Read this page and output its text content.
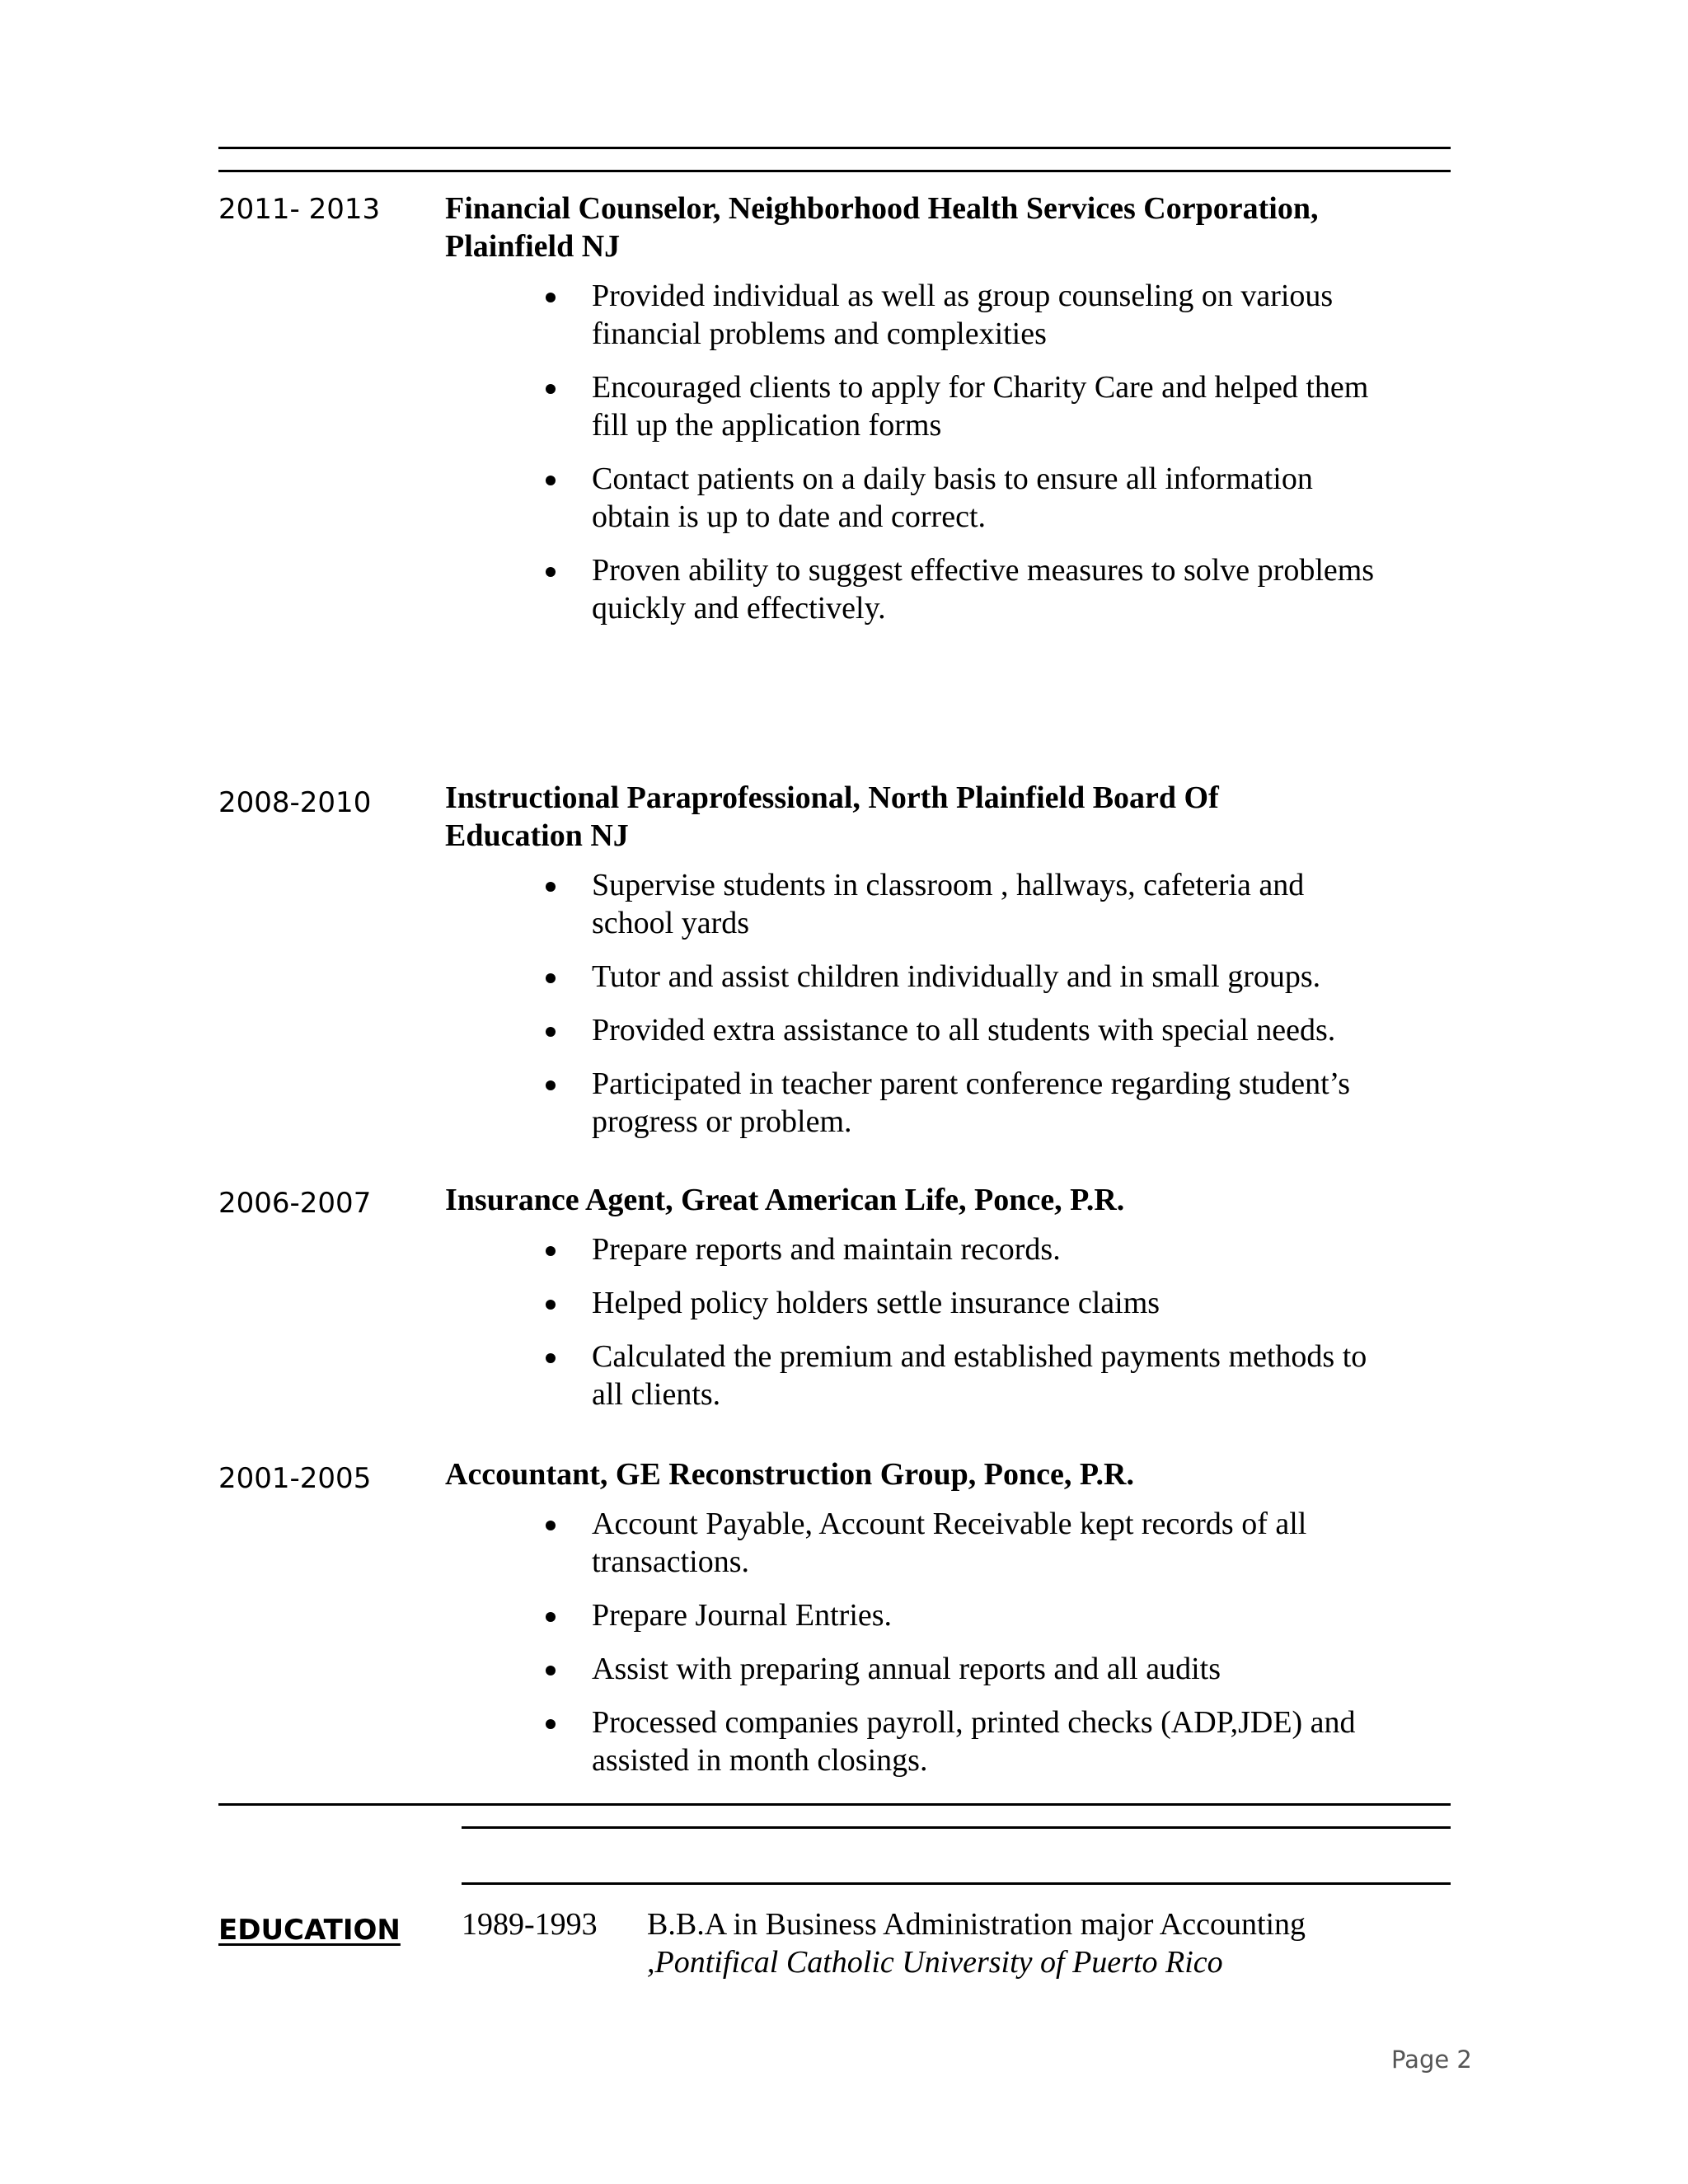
2011- 2013 Financial Counselor, Neighborhood Health Services Corporation, Plainfield NJ

Provided individual as well as group counseling on various financial problems and complexities
Encouraged clients to apply for Charity Care and helped them fill up the application forms
Contact patients on a daily basis to ensure all information obtain is up to date and correct.
Proven ability to suggest effective measures to solve problems quickly and effectively.
2008-2010 Instructional Paraprofessional, North Plainfield Board Of Education NJ

Supervise students in classroom , hallways, cafeteria and school yards
Tutor and assist children individually and in small groups.
Provided extra assistance to all students with special needs.
Participated in teacher parent conference regarding student’s progress or problem.
2006-2007 Insurance Agent, Great American Life, Ponce, P.R.

Prepare reports and maintain records.
Helped policy holders settle insurance claims
Calculated the premium and established payments methods to all clients.
2001-2005 Accountant, GE Reconstruction Group, Ponce, P.R.

Account Payable, Account Receivable kept records of all transactions.
Prepare Journal Entries.
Assist with preparing annual reports and all audits
Processed companies payroll, printed checks (ADP,JDE) and assisted in month closings.
EDUCATION 1989-1993 B.B.A in Business Administration major Accounting
,Pontifical Catholic University of Puerto Rico
Page 2
